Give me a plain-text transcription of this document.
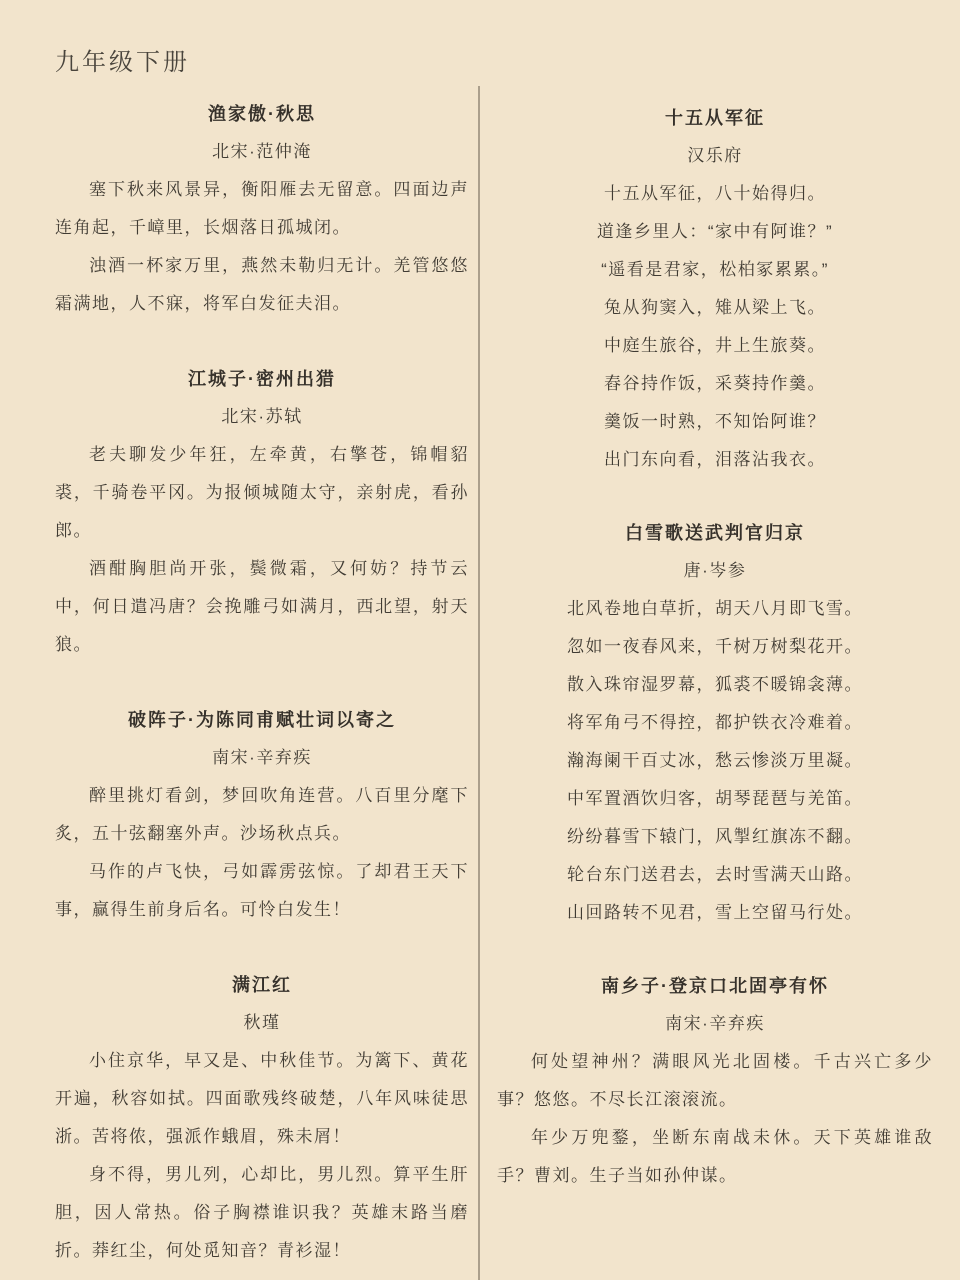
九年级下册
渔家傲·秋思
北宋·范仲淹

塞下秋来风景异，衡阳雁去无留意。四面边声连角起，千嶂里，长烟落日孤城闭。

浊酒一杯家万里，燕然未勒归无计。羌管悠悠霜满地，人不寐，将军白发征夫泪。

江城子·密州出猎
北宋·苏轼

老夫聊发少年狂，左牵黄，右擎苍，锦帽貂裘，千骑卷平冈。为报倾城随太守，亲射虎，看孙郎。

酒酣胸胆尚开张，鬓微霜，又何妨？持节云中，何日遣冯唐？会挽雕弓如满月，西北望，射天狼。

破阵子·为陈同甫赋壮词以寄之
南宋·辛弃疾

醉里挑灯看剑，梦回吹角连营。八百里分麾下炙，五十弦翻塞外声。沙场秋点兵。

马作的卢飞快，弓如霹雳弦惊。了却君王天下事，赢得生前身后名。可怜白发生！

满江红
秋瑾

小住京华，早又是、中秋佳节。为篱下、黄花开遍，秋容如拭。四面歌残终破楚，八年风味徒思浙。苦将侬，强派作蛾眉，殊未屑！

身不得，男儿列，心却比，男儿烈。算平生肝胆，因人常热。俗子胸襟谁识我？英雄末路当磨折。莽红尘，何处觅知音？青衫湿！

十五从军征
汉乐府
十五从军征，八十始得归。
道逢乡里人：“家中有阿谁？”
“遥看是君家，松柏冢累累。”
兔从狗窦入，雉从梁上飞。
中庭生旅谷，井上生旅葵。
舂谷持作饭，采葵持作羹。
羹饭一时熟，不知饴阿谁？
出门东向看，泪落沾我衣。
白雪歌送武判官归京
唐·岑参
北风卷地白草折，胡天八月即飞雪。
忽如一夜春风来，千树万树梨花开。
散入珠帘湿罗幕，狐裘不暖锦衾薄。
将军角弓不得控，都护铁衣冷难着。
瀚海阑干百丈冰，愁云惨淡万里凝。
中军置酒饮归客，胡琴琵琶与羌笛。
纷纷暮雪下辕门，风掣红旗冻不翻。
轮台东门送君去，去时雪满天山路。
山回路转不见君，雪上空留马行处。
南乡子·登京口北固亭有怀
南宋·辛弃疾

何处望神州？满眼风光北固楼。千古兴亡多少事？悠悠。不尽长江滚滚流。

年少万兜鍪，坐断东南战未休。天下英雄谁敌手？曹刘。生子当如孙仲谋。
